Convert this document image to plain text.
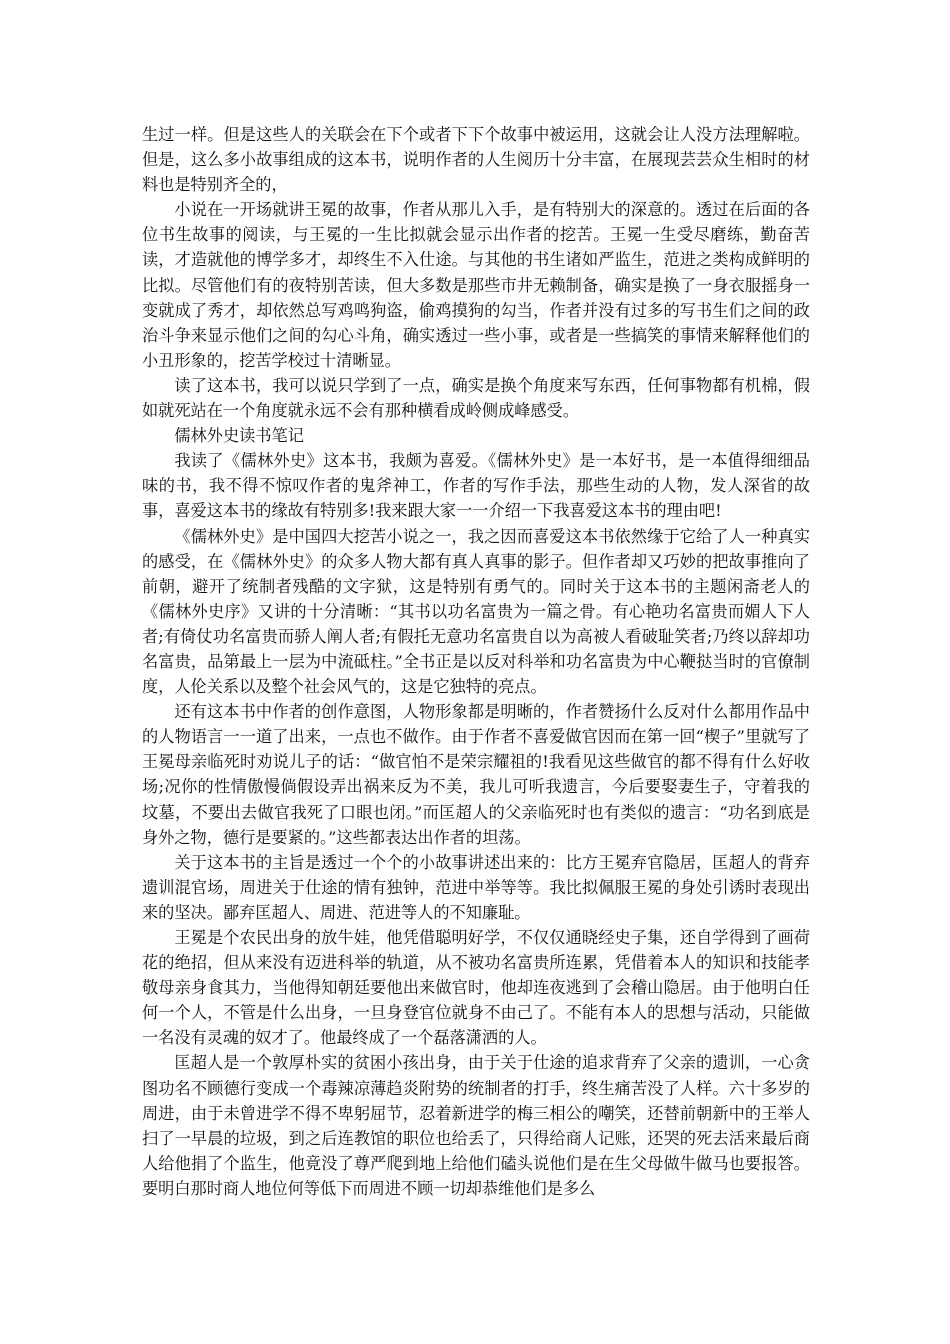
生过一样。但是这些人的关联会在下个或者下下个故事中被运用，这就会让人没方法理解啦。但是，这么多小故事组成的这本书，说明作者的人生阅历十分丰富，在展现芸芸众生相时的材料也是特别齐全的，

小说在一开场就讲王冕的故事，作者从那儿入手，是有特别大的深意的。透过在后面的各位书生故事的阅读，与王冕的一生比拟就会显示出作者的挖苦。王冕一生受尽磨练，勤奋苦读，才造就他的博学多才，却终生不入仕途。与其他的书生诸如严监生，范进之类构成鲜明的比拟。尽管他们有的夜特别苦读，但大多数是那些市井无赖制备，确实是换了一身衣服摇身一变就成了秀才，却依然总写鸡鸣狗盗，偷鸡摸狗的勾当，作者并没有过多的写书生们之间的政治斗争来显示他们之间的勾心斗角，确实透过一些小事，或者是一些搞笑的事情来解释他们的小丑形象的，挖苦学校过十清晰显。

读了这本书，我可以说只学到了一点，确实是换个角度来写东西，任何事物都有机棉，假如就死站在一个角度就永远不会有那种横看成岭侧成峰感受。

儒林外史读书笔记

我读了《儒林外史》这本书，我颇为喜爱。《儒林外史》是一本好书，是一本值得细细品味的书，我不得不惊叹作者的鬼斧神工，作者的写作手法，那些生动的人物，发人深省的故事，喜爱这本书的缘故有特别多!我来跟大家一一介绍一下我喜爱这本书的理由吧!

《儒林外史》是中国四大挖苦小说之一，我之因而喜爱这本书依然缘于它给了人一种真实的感受，在《儒林外史》的众多人物大都有真人真事的影子。但作者却又巧妙的把故事推向了前朝，避开了统制者残酷的文字狱，这是特别有勇气的。同时关于这本书的主题闲斋老人的《儒林外史序》又讲的十分清晰：“其书以功名富贵为一篇之骨。有心艳功名富贵而媚人下人者;有倚仗功名富贵而骄人阐人者;有假托无意功名富贵自以为高被人看破耻笑者;乃终以辞却功名富贵，品第最上一层为中流砥柱。”全书正是以反对科举和功名富贵为中心鞭挞当时的官僚制度，人伦关系以及整个社会风气的，这是它独特的亮点。

还有这本书中作者的创作意图，人物形象都是明晰的，作者赞扬什么反对什么都用作品中的人物语言一一道了出来，一点也不做作。由于作者不喜爱做官因而在第一回“楔子”里就写了王冕母亲临死时劝说儿子的话：“做官怕不是荣宗耀祖的!我看见这些做官的都不得有什么好收场;况你的性情傲慢倘假设弄出祸来反为不美，我儿可听我遗言，今后要娶妻生子，守着我的坟墓，不要出去做官我死了口眼也闭。”而匡超人的父亲临死时也有类似的遗言：“功名到底是身外之物，德行是要紧的。”这些都表达出作者的坦荡。

关于这本书的主旨是透过一个个的小故事讲述出来的：比方王冕弃官隐居，匡超人的背弃遗训混官场，周进关于仕途的情有独钟，范进中举等等。我比拟佩服王冕的身处引诱时表现出来的坚决。鄙弃匡超人、周进、范进等人的不知廉耻。

王冕是个农民出身的放牛娃，他凭借聪明好学，不仅仅通晓经史子集，还自学得到了画荷花的绝招，但从来没有迈进科举的轨道，从不被功名富贵所连累，凭借着本人的知识和技能孝敬母亲身食其力，当他得知朝廷要他出来做官时，他却连夜逃到了会稽山隐居。由于他明白任何一个人，不管是什么出身，一旦身登官位就身不由己了。不能有本人的思想与活动，只能做一名没有灵魂的奴才了。他最终成了一个磊落潇洒的人。

匡超人是一个敦厚朴实的贫困小孩出身，由于关于仕途的追求背弃了父亲的遗训，一心贪图功名不顾德行变成一个毒辣凉薄趋炎附势的统制者的打手，终生痛苦没了人样。六十多岁的周进，由于未曾进学不得不卑躬屈节，忍着新进学的梅三相公的嘲笑，还替前朝新中的王举人扫了一早晨的垃圾，到之后连教馆的职位也给丢了，只得给商人记账，还哭的死去活来最后商人给他捐了个监生，他竟没了尊严爬到地上给他们磕头说他们是在生父母做牛做马也要报答。要明白那时商人地位何等低下而周进不顾一切却恭维他们是多么
